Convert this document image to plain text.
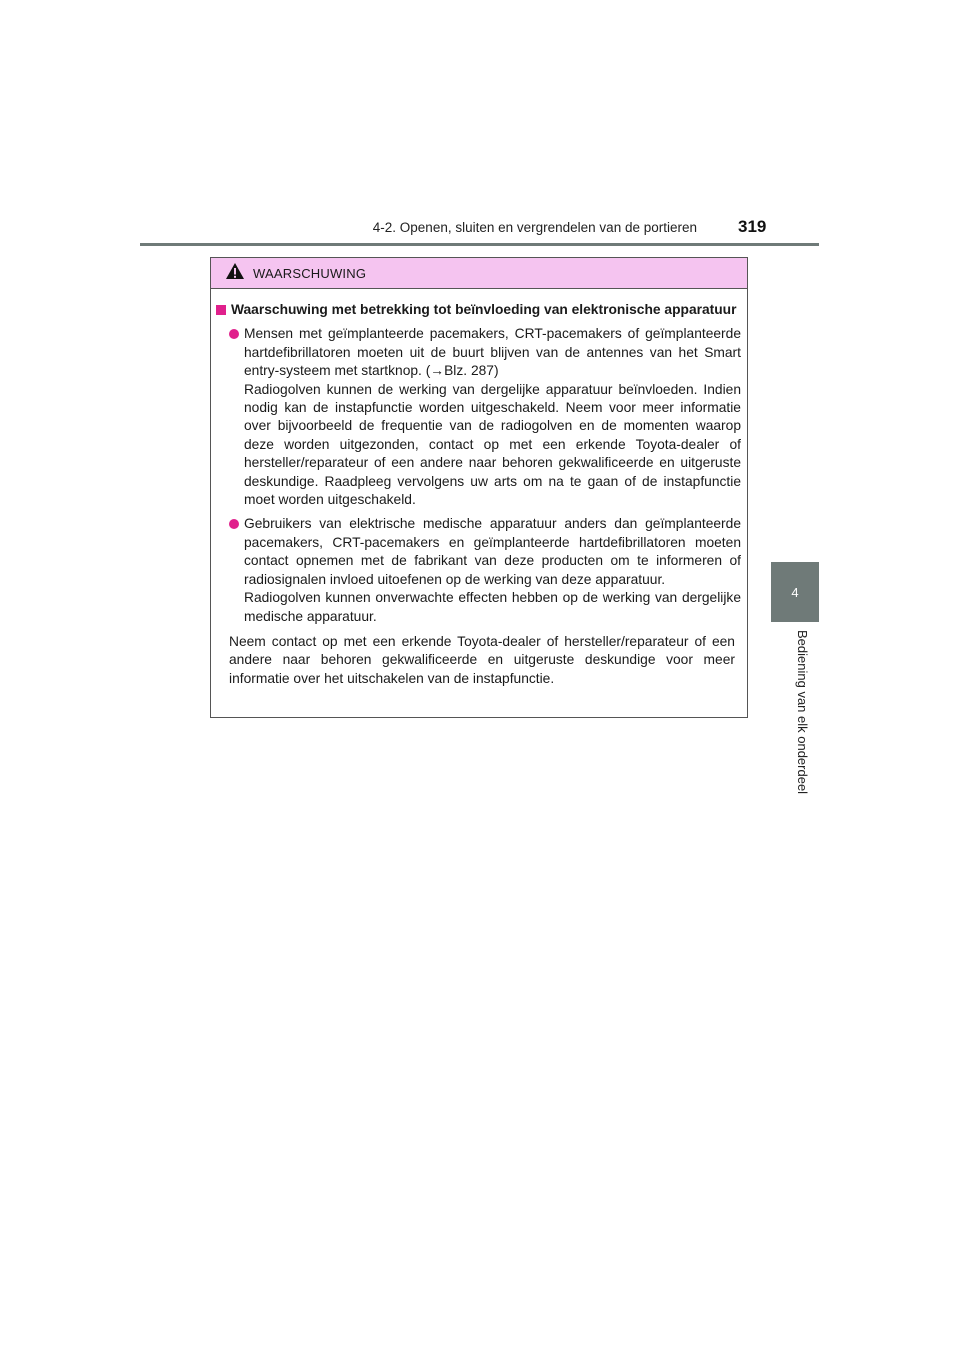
4-2. Openen, sluiten en vergrendelen van de portieren 319
4
Bediening van elk onderdeel
WAARSCHUWING
Waarschuwing met betrekking tot beïnvloeding van elektronische apparatuur
Mensen met geïmplanteerde pacemakers, CRT-pacemakers of geïmplanteerde hartdefibrillatoren moeten uit de buurt blijven van de antennes van het Smart entry-systeem met startknop. (→Blz. 287)
Radiogolven kunnen de werking van dergelijke apparatuur beïnvloeden. Indien nodig kan de instapfunctie worden uitgeschakeld. Neem voor meer informatie over bijvoorbeeld de frequentie van de radiogolven en de momenten waarop deze worden uitgezonden, contact op met een erkende Toyota-dealer of hersteller/reparateur of een andere naar behoren gekwalificeerde en uitgeruste deskundige. Raadpleeg vervolgens uw arts om na te gaan of de instapfunctie moet worden uitgeschakeld.
Gebruikers van elektrische medische apparatuur anders dan geïmplanteerde pacemakers, CRT-pacemakers en geïmplanteerde hartdefibrillatoren moeten contact opnemen met de fabrikant van deze producten om te informeren of radiosignalen invloed uitoefenen op de werking van deze apparatuur.
Radiogolven kunnen onverwachte effecten hebben op de werking van dergelijke medische apparatuur.
Neem contact op met een erkende Toyota-dealer of hersteller/reparateur of een andere naar behoren gekwalificeerde en uitgeruste deskundige voor meer informatie over het uitschakelen van de instapfunctie.
